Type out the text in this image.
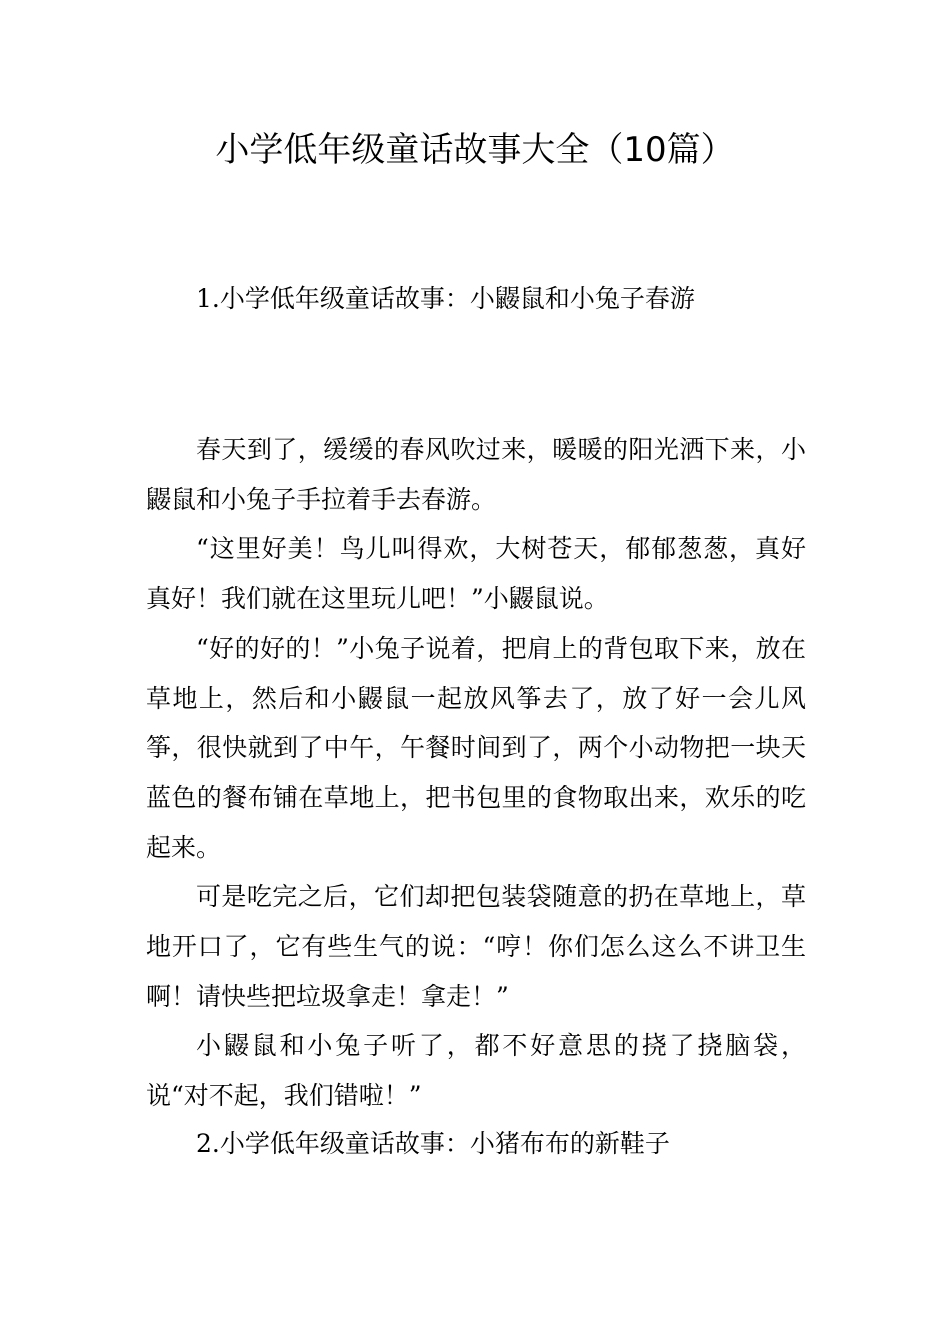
小学低年级童话故事大全（10篇）
1.小学低年级童话故事：小鼹鼠和小兔子春游

春天到了，缓缓的春风吹过来，暖暖的阳光洒下来，小鼹鼠和小兔子手拉着手去春游。

“这里好美！鸟儿叫得欢，大树苍天，郁郁葱葱，真好真好！我们就在这里玩儿吧！”小鼹鼠说。

“好的好的！”小兔子说着，把肩上的背包取下来，放在草地上，然后和小鼹鼠一起放风筝去了，放了好一会儿风筝，很快就到了中午，午餐时间到了，两个小动物把一块天蓝色的餐布铺在草地上，把书包里的食物取出来，欢乐的吃起来。

可是吃完之后，它们却把包装袋随意的扔在草地上，草地开口了，它有些生气的说：“哼！你们怎么这么不讲卫生啊！请快些把垃圾拿走！拿走！”

小鼹鼠和小兔子听了，都不好意思的挠了挠脑袋，说“对不起，我们错啦！”

2.小学低年级童话故事：小猪布布的新鞋子
